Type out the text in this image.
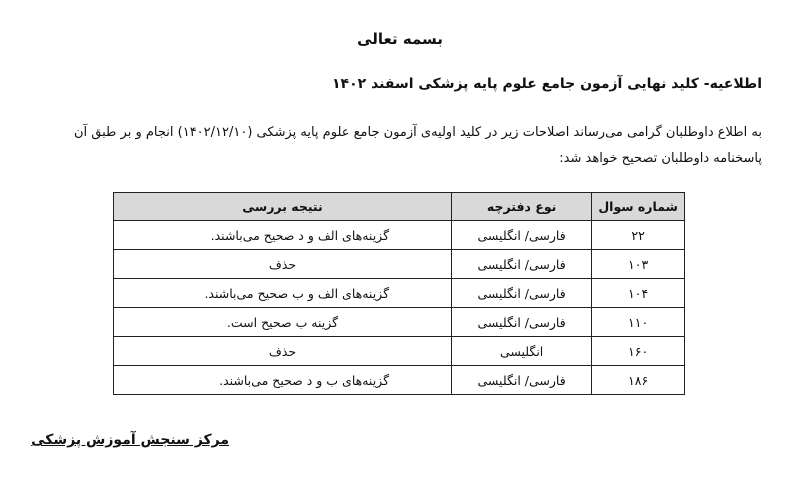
بسمه تعالی
اطلاعیه- کلید نهایی آزمون جامع علوم پایه پزشکی اسفند ۱۴۰۲
به اطلاع داوطلبان گرامی می‌رساند اصلاحات زیر در کلید اولیه‌ی آزمون جامع علوم پایه پزشکی (۱۴۰۲/۱۲/۱۰) انجام و بر طبق آن
پاسخنامه داوطلبان تصحیح خواهد شد:
شماره سوال	نوع دفترچه	نتیجه بررسی
۲۲	فارسی/ انگلیسی	گزینه‌های الف و د صحیح می‌باشند.
۱۰۳	فارسی/ انگلیسی	حذف
۱۰۴	فارسی/ انگلیسی	گزینه‌های الف و ب صحیح می‌باشند.
۱۱۰	فارسی/ انگلیسی	گزینه ب صحیح است.
۱۶۰	انگلیسی	حذف
۱۸۶	فارسی/ انگلیسی	گزینه‌های ب و د صحیح می‌باشند.
مرکز سنجش آموزش پزشکی
